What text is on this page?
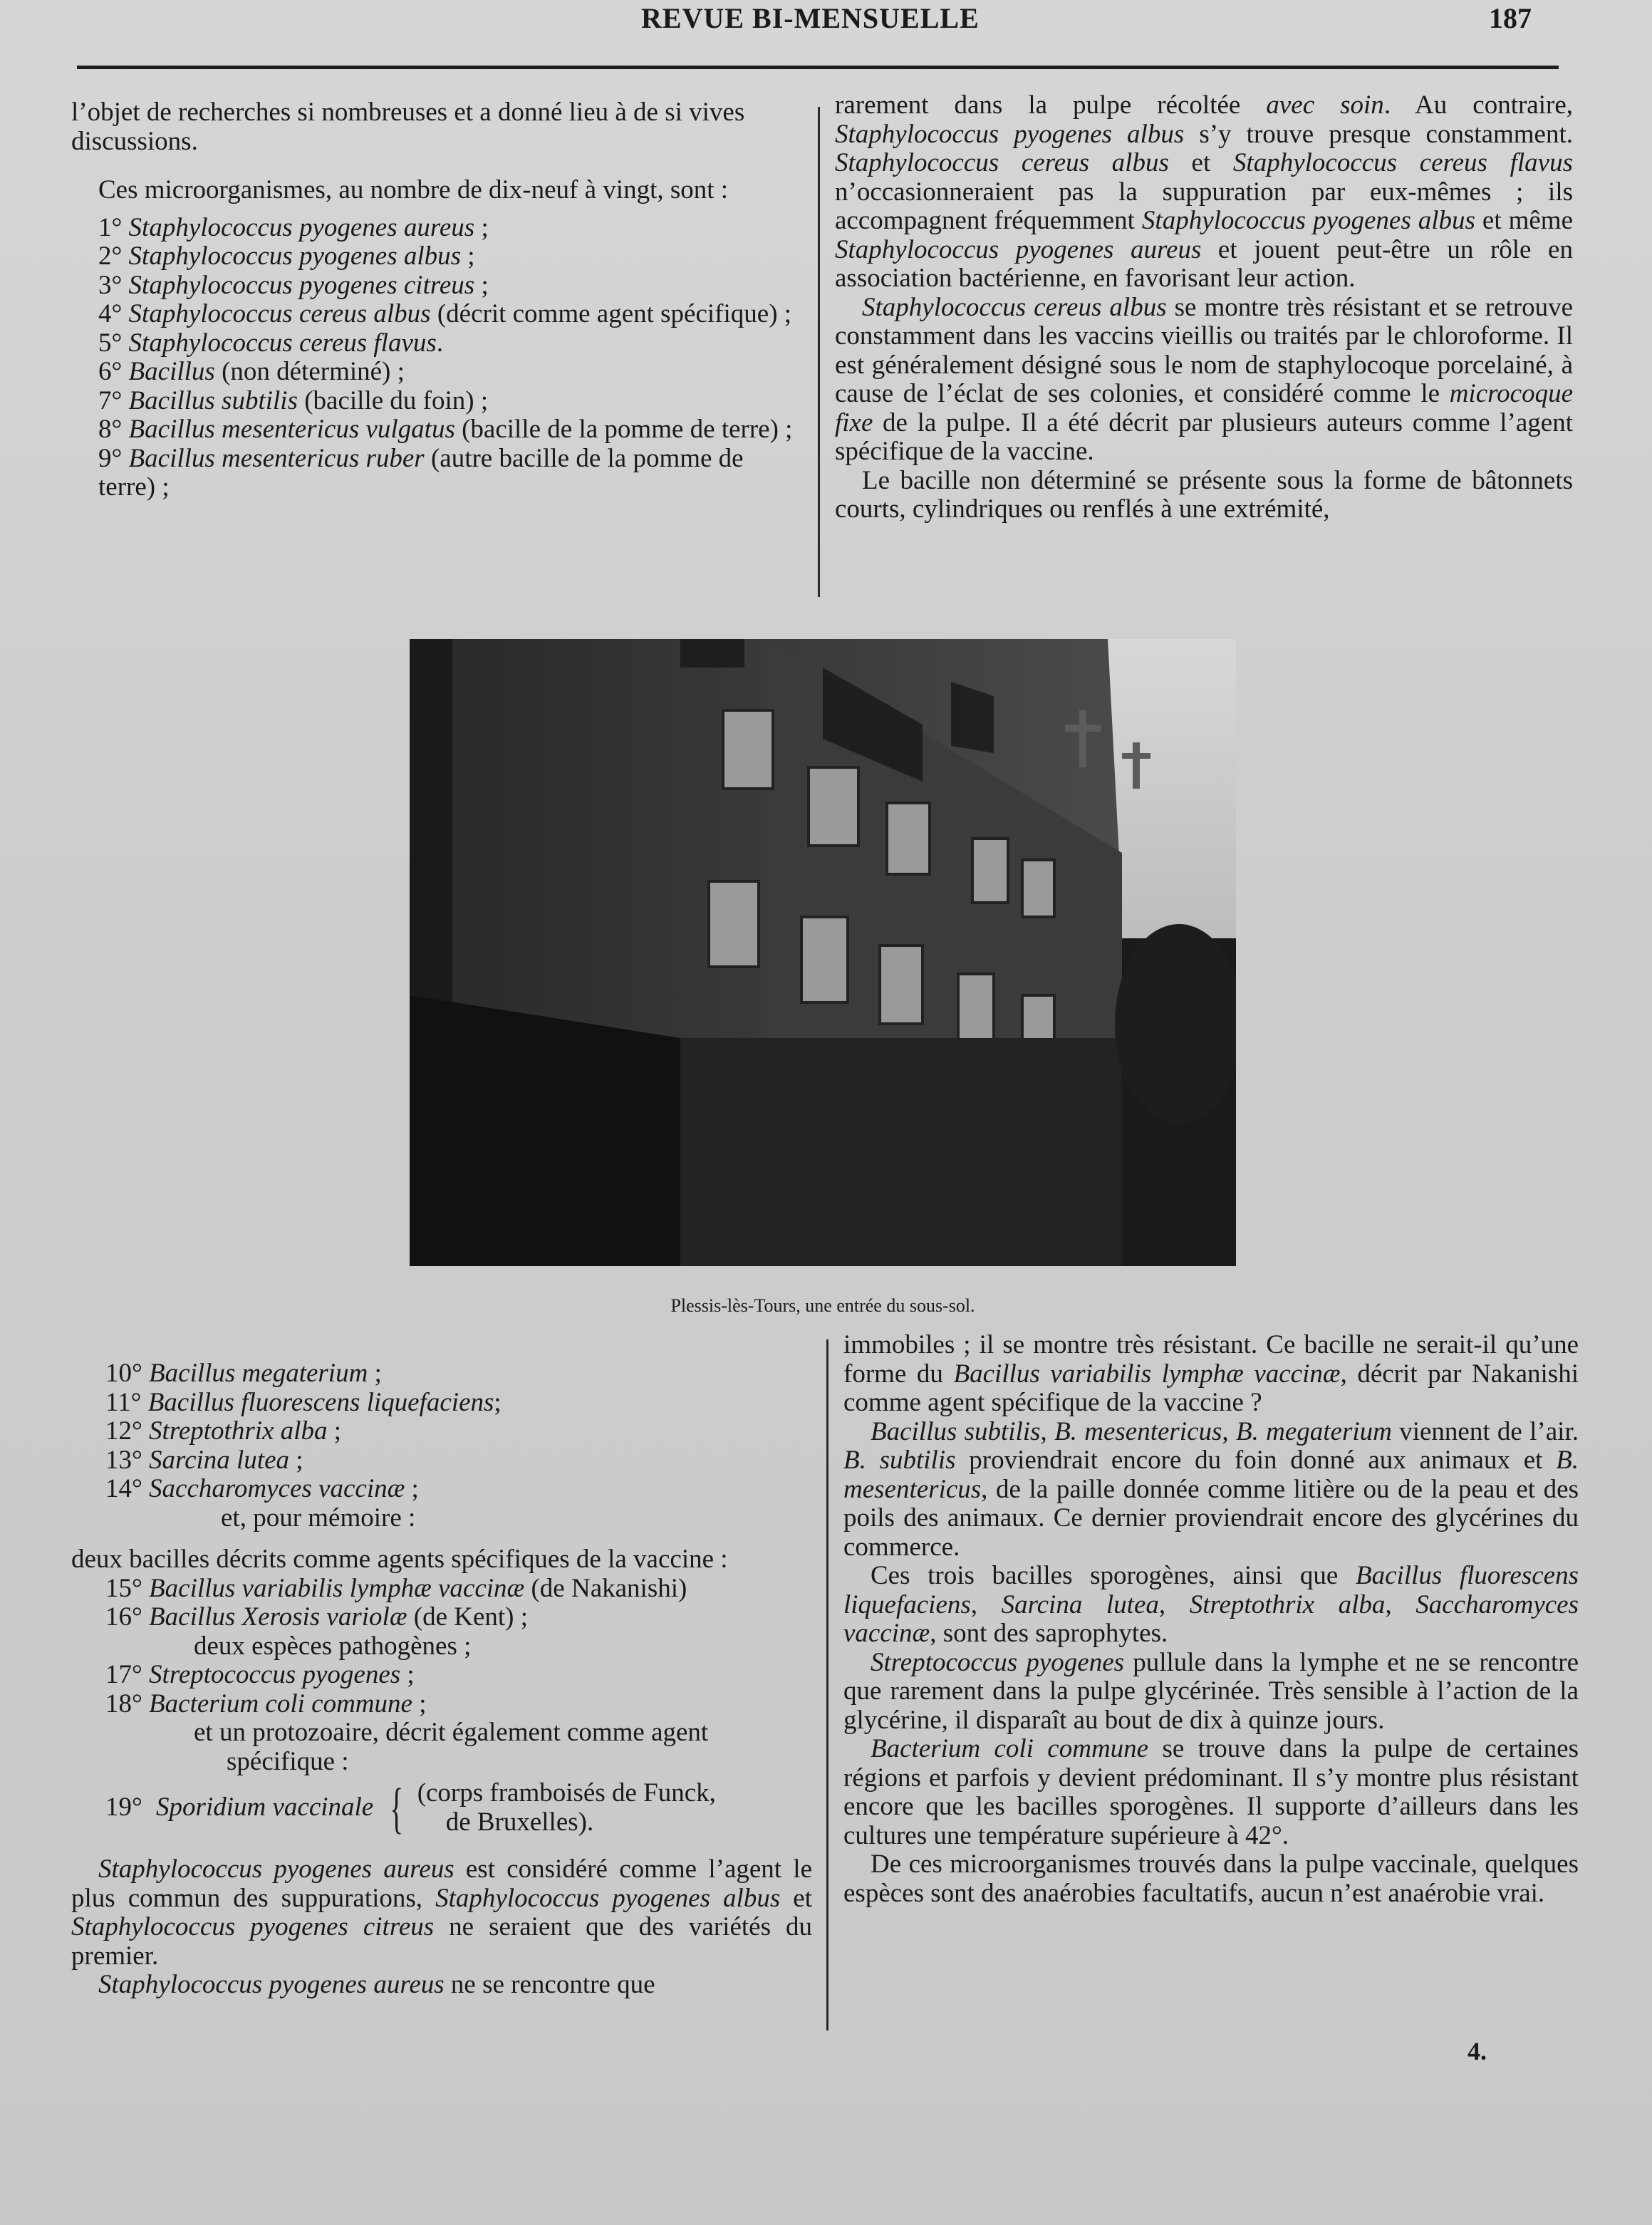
REVUE BI-MENSUELLE	187

l’objet de recherches si nombreuses et a donné lieu à de si vives discussions.

Ces microorganismes, au nombre de dix-neuf à vingt, sont :

1° Staphylococcus pyogenes aureus ;

2° Staphylococcus pyogenes albus ;

3° Staphylococcus pyogenes citreus ;

4° Staphylococcus cereus albus (décrit comme agent spécifique) ;

5° Staphylococcus cereus flavus.

6° Bacillus (non déterminé) ;

7° Bacillus subtilis (bacille du foin) ;

8° Bacillus mesentericus vulgatus (bacille de la pomme de terre) ;

9° Bacillus mesentericus ruber (autre bacille de la pomme de terre) ;

rarement dans la pulpe récoltée avec soin. Au contraire, Staphylococcus pyogenes albus s’y trouve presque constamment. Staphylococcus cereus albus et Staphylococcus cereus flavus n’occasionneraient pas la suppuration par eux-mêmes ; ils accompagnent fréquemment Staphylococcus pyogenes albus et même Staphylococcus pyogenes aureus et jouent peut-être un rôle en association bactérienne, en favorisant leur action.

Staphylococcus cereus albus se montre très résistant et se retrouve constamment dans les vaccins vieillis ou traités par le chloroforme. Il est généralement désigné sous le nom de staphylocoque porcelainé, à cause de l’éclat de ses colonies, et considéré comme le microcoque fixe de la pulpe. Il a été décrit par plusieurs auteurs comme l’agent spécifique de la vaccine.

Le bacille non déterminé se présente sous la forme de bâtonnets courts, cylindriques ou renflés à une extrémité,

Plessis-lès-Tours, une entrée du sous-sol.

10° Bacillus megaterium ;

11° Bacillus fluorescens liquefaciens;

12° Streptothrix alba ;

13° Sarcina lutea ;

14° Saccharomyces vaccinæ ;

et, pour mémoire :

deux bacilles décrits comme agents spécifiques de la vaccine :

15° Bacillus variabilis lymphæ vaccinæ (de Nakanishi)

16° Bacillus Xerosis variolæ (de Kent) ;

deux espèces pathogènes ;

17° Streptococcus pyogenes ;

18° Bacterium coli commune ;

et un protozoaire, décrit également comme agent

spécifique :

19°
Sporidium vaccinale { (corps framboisés de Funck,

de Bruxelles).

Staphylococcus pyogenes aureus est considéré comme l’agent le plus commun des suppurations, Staphylococcus pyogenes albus et Staphylococcus pyogenes citreus ne seraient que des variétés du premier.

Staphylococcus pyogenes aureus ne se rencontre que

immobiles ; il se montre très résistant. Ce bacille ne serait-il qu’une forme du Bacillus variabilis lymphæ vaccinæ, décrit par Nakanishi comme agent spécifique de la vaccine ?

Bacillus subtilis, B. mesentericus, B. megaterium viennent de l’air. B. subtilis proviendrait encore du foin donné aux animaux et B. mesentericus, de la paille donnée comme litière ou de la peau et des poils des animaux. Ce dernier proviendrait encore des glycérines du commerce.

Ces trois bacilles sporogènes, ainsi que Bacillus fluorescens liquefaciens, Sarcina lutea, Streptothrix alba, Saccharomyces vaccinæ, sont des saprophytes.

Streptococcus pyogenes pullule dans la lymphe et ne se rencontre que rarement dans la pulpe glycérinée. Très sensible à l’action de la glycérine, il disparaît au bout de dix à quinze jours.

Bacterium coli commune se trouve dans la pulpe de certaines régions et parfois y devient prédominant. Il s’y montre plus résistant encore que les bacilles sporogènes. Il supporte d’ailleurs dans les cultures une température supérieure à 42°.

De ces microorganismes trouvés dans la pulpe vaccinale, quelques espèces sont des anaérobies facultatifs, aucun n’est anaérobie vrai.

4.
